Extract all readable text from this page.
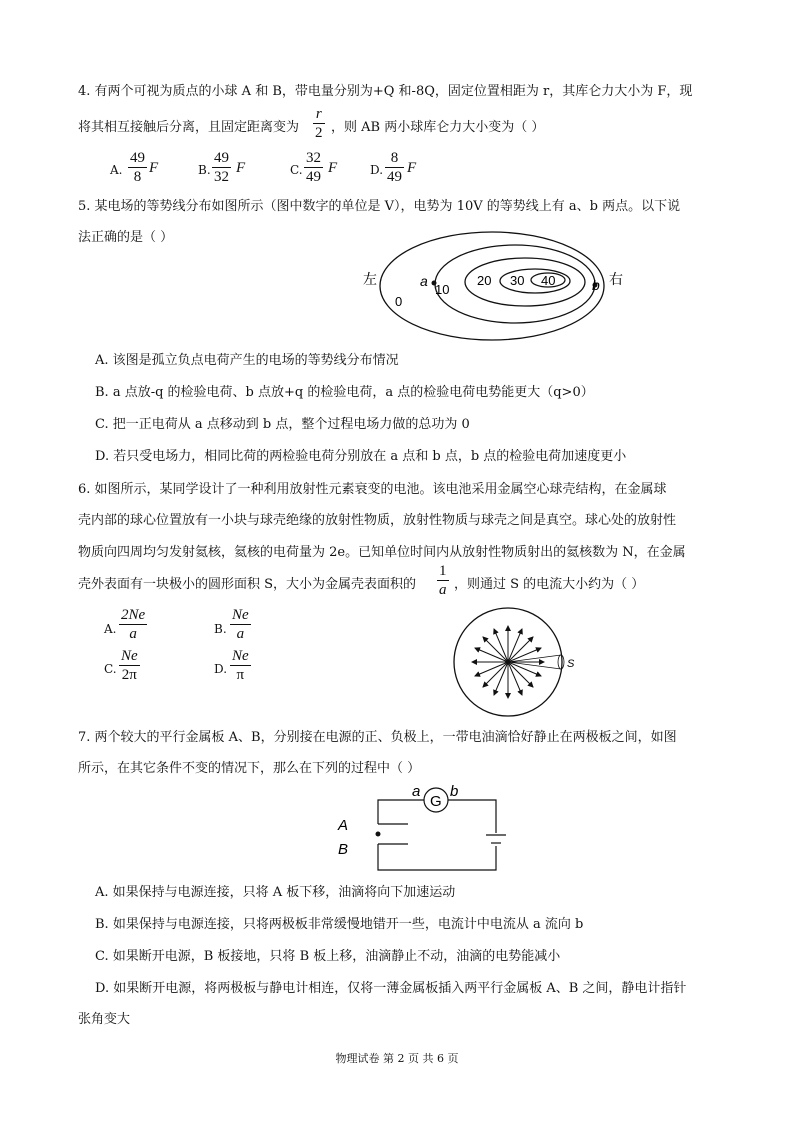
4. 有两个可视为质点的小球 A 和 B，带电量分别为+Q 和-8Q，固定位置相距为 r，其库仑力大小为 F，现
将其相互接触后分离，且固定距离变为
r
2 ，则 AB 两小球库仑力大小变为（ ）
A.
49
8
F	B.
49
32
F	C.
32
49
F	D.
8
49
F
5. 某电场的等势线分布如图所示（图中数字的单位是 V），电势为 10V 的等势线上有 a、b 两点。以下说
法正确的是（ ）
左	右
0
10
20 30 40
a	b
A. 该图是孤立负点电荷产生的电场的等势线分布情况
B. a 点放-q 的检验电荷、b 点放+q 的检验电荷，a 点的检验电荷电势能更大（q>0）
C. 把一正电荷从 a 点移动到 b 点，整个过程电场力做的总功为 0
D. 若只受电场力，相同比荷的两检验电荷分别放在 a 点和 b 点，b 点的检验电荷加速度更小
6. 如图所示，某同学设计了一种利用放射性元素衰变的电池。该电池采用金属空心球壳结构，在金属球
壳内部的球心位置放有一小块与球壳绝缘的放射性物质，放射性物质与球壳之间是真空。球心处的放射性
物质向四周均匀发射氦核，氦核的电荷量为 2e。已知单位时间内从放射性物质射出的氦核数为 N，在金属
壳外表面有一块极小的圆形面积 S，大小为金属壳表面积的
1
a ，则通过 S 的电流大小约为（ ）
A.
2Ne
a	B.
Ne
a
C.
Ne
2π	D.
Ne
π
S
7. 两个较大的平行金属板 A、B，分别接在电源的正、负极上，一带电油滴恰好静止在两极板之间，如图
所示，在其它条件不变的情况下，那么在下列的过程中（ ）
G
a b
A
B
A. 如果保持与电源连接，只将 A 板下移，油滴将向下加速运动
B. 如果保持与电源连接，只将两极板非常缓慢地错开一些，电流计中电流从 a 流向 b
C. 如果断开电源，B 板接地，只将 B 板上移，油滴静止不动，油滴的电势能减小
D. 如果断开电源，将两极板与静电计相连，仅将一薄金属板插入两平行金属板 A、B 之间，静电计指针
张角变大
物理试卷 第 2 页 共 6 页
